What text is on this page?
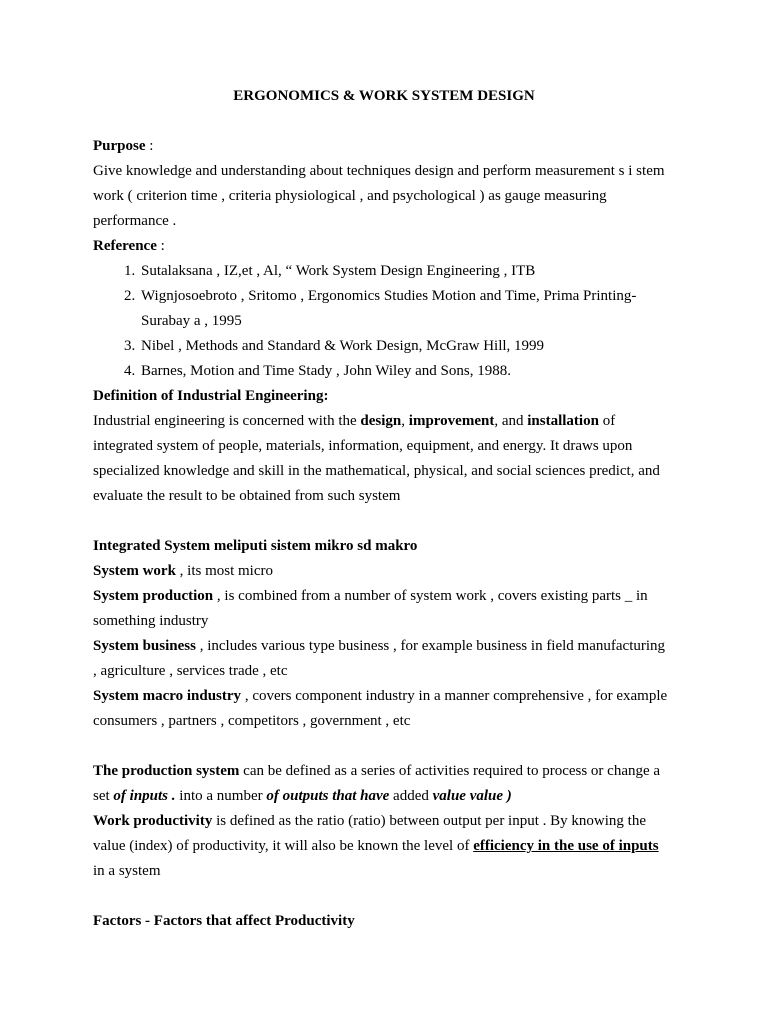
ERGONOMICS & WORK SYSTEM DESIGN

Purpose :

Give knowledge and understanding about techniques design and perform measurement s i stem work ( criterion time , criteria physiological , and psychological ) as gauge measuring performance .

Reference :

1. Sutalaksana , IZ,et , Al, “ Work System Design Engineering , ITB
2. Wignjosoebroto , Sritomo , Ergonomics Studies Motion and Time, Prima Printing-Surabay a , 1995
3. Nibel , Methods and Standard & Work Design, McGraw Hill, 1999
4. Barnes, Motion and Time Stady , John Wiley and Sons, 1988.

Definition of Industrial Engineering:

Industrial engineering is concerned with the design, improvement, and installation of integrated system of people, materials, information, equipment, and energy. It draws upon specialized knowledge and skill in the mathematical, physical, and social sciences predict, and evaluate the result to be obtained from such system

Integrated System meliputi sistem mikro sd makro

System work , its most micro

System production , is combined from a number of system work , covers existing parts _ in something industry

System business , includes various type business , for example business in field manufacturing , agriculture , services trade , etc

System macro industry , covers component industry in a manner comprehensive , for example consumers , partners , competitors , government , etc

The production system can be defined as a series of activities required to process or change a set of inputs . into a number of outputs that have added value value )

Work productivity is defined as the ratio (ratio) between output per input . By knowing the value (index) of productivity, it will also be known the level of efficiency in the use of inputs in a system

Factors - Factors that affect Productivity
